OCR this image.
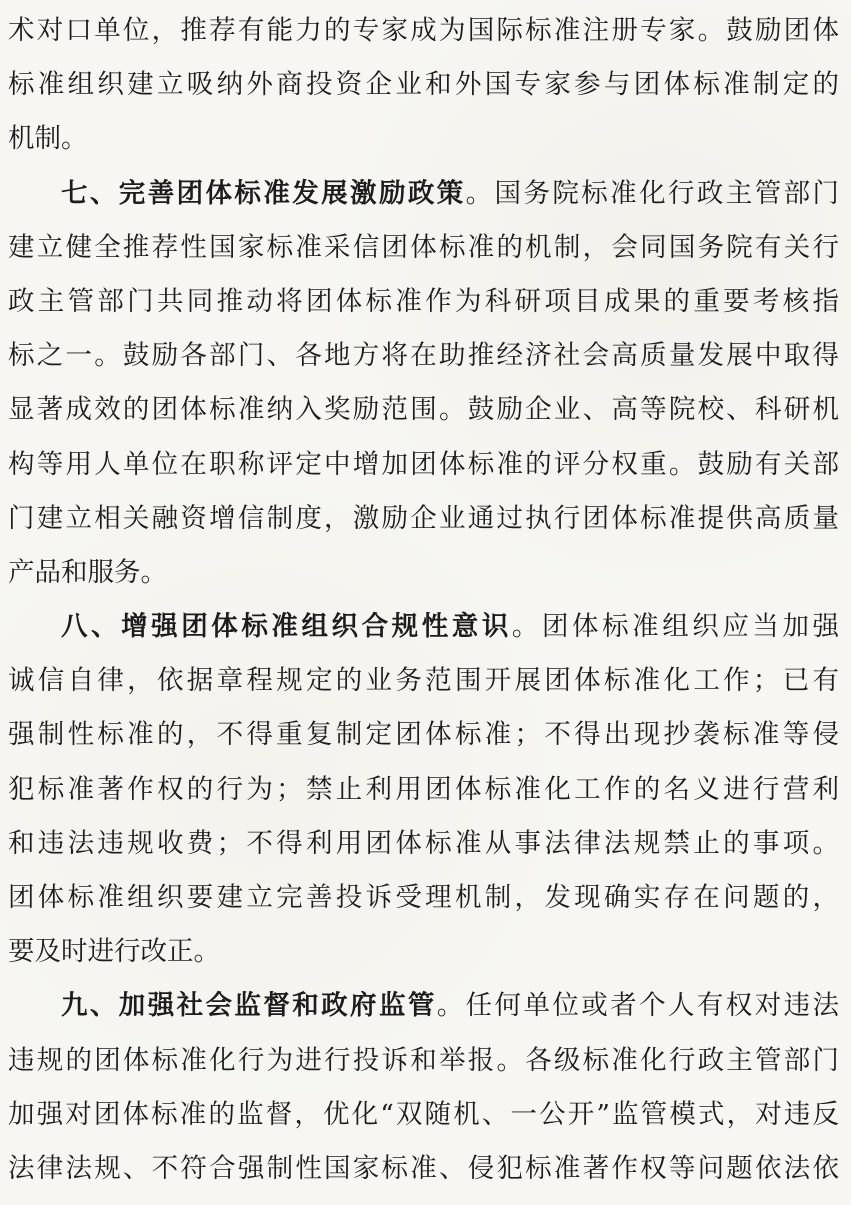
术对口单位，推荐有能力的专家成为国际标准注册专家。鼓励团体
标准组织建立吸纳外商投资企业和外国专家参与团体标准制定的
机制。
七、完善团体标准发展激励政策。国务院标准化行政主管部门
建立健全推荐性国家标准采信团体标准的机制，会同国务院有关行
政主管部门共同推动将团体标准作为科研项目成果的重要考核指
标之一。鼓励各部门、各地方将在助推经济社会高质量发展中取得
显著成效的团体标准纳入奖励范围。鼓励企业、高等院校、科研机
构等用人单位在职称评定中增加团体标准的评分权重。鼓励有关部
门建立相关融资增信制度，激励企业通过执行团体标准提供高质量
产品和服务。
八、增强团体标准组织合规性意识。团体标准组织应当加强
诚信自律，依据章程规定的业务范围开展团体标准化工作；已有
强制性标准的，不得重复制定团体标准；不得出现抄袭标准等侵
犯标准著作权的行为；禁止利用团体标准化工作的名义进行营利
和违法违规收费；不得利用团体标准从事法律法规禁止的事项。
团体标准组织要建立完善投诉受理机制，发现确实存在问题的，
要及时进行改正。
九、加强社会监督和政府监管。任何单位或者个人有权对违法
违规的团体标准化行为进行投诉和举报。各级标准化行政主管部门
加强对团体标准的监督，优化“双随机、一公开”监管模式，对违反
法律法规、不符合强制性国家标准、侵犯标准著作权等问题依法依
